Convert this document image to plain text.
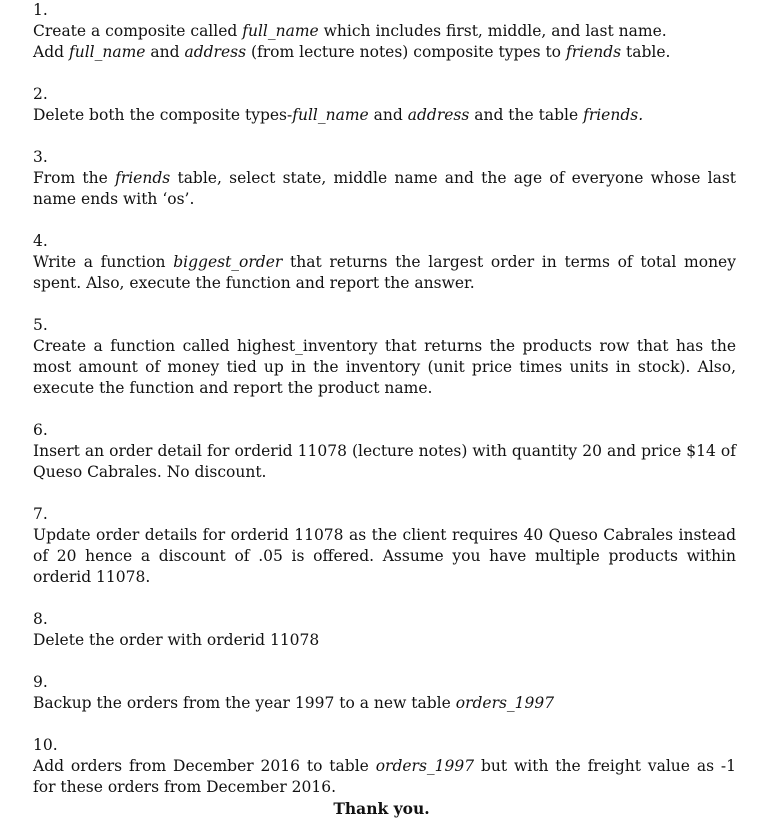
1.
Create a composite called full_name which includes first, middle, and last name.
Add full_name and address (from lecture notes) composite types to friends table.
2.
Delete both the composite types-full_name and address and the table friends.
3.
From the friends table, select state, middle name and the age of everyone whose last name ends with ‘os’.
4.
Write a function biggest_order that returns the largest order in terms of total money spent. Also, execute the function and report the answer.
5.
Create a function called highest_inventory that returns the products row that has the most amount of money tied up in the inventory (unit price times units in stock). Also, execute the function and report the product name.
6.
Insert an order detail for orderid 11078 (lecture notes) with quantity 20 and price $14 of Queso Cabrales. No discount.
7.
Update order details for orderid 11078 as the client requires 40 Queso Cabrales instead of 20 hence a discount of .05 is offered. Assume you have multiple products within orderid 11078.
8.
Delete the order with orderid 11078
9.
Backup the orders from the year 1997 to a new table orders_1997
10.
Add orders from December 2016 to table orders_1997 but with the freight value as -1 for these orders from December 2016.
Thank you.
